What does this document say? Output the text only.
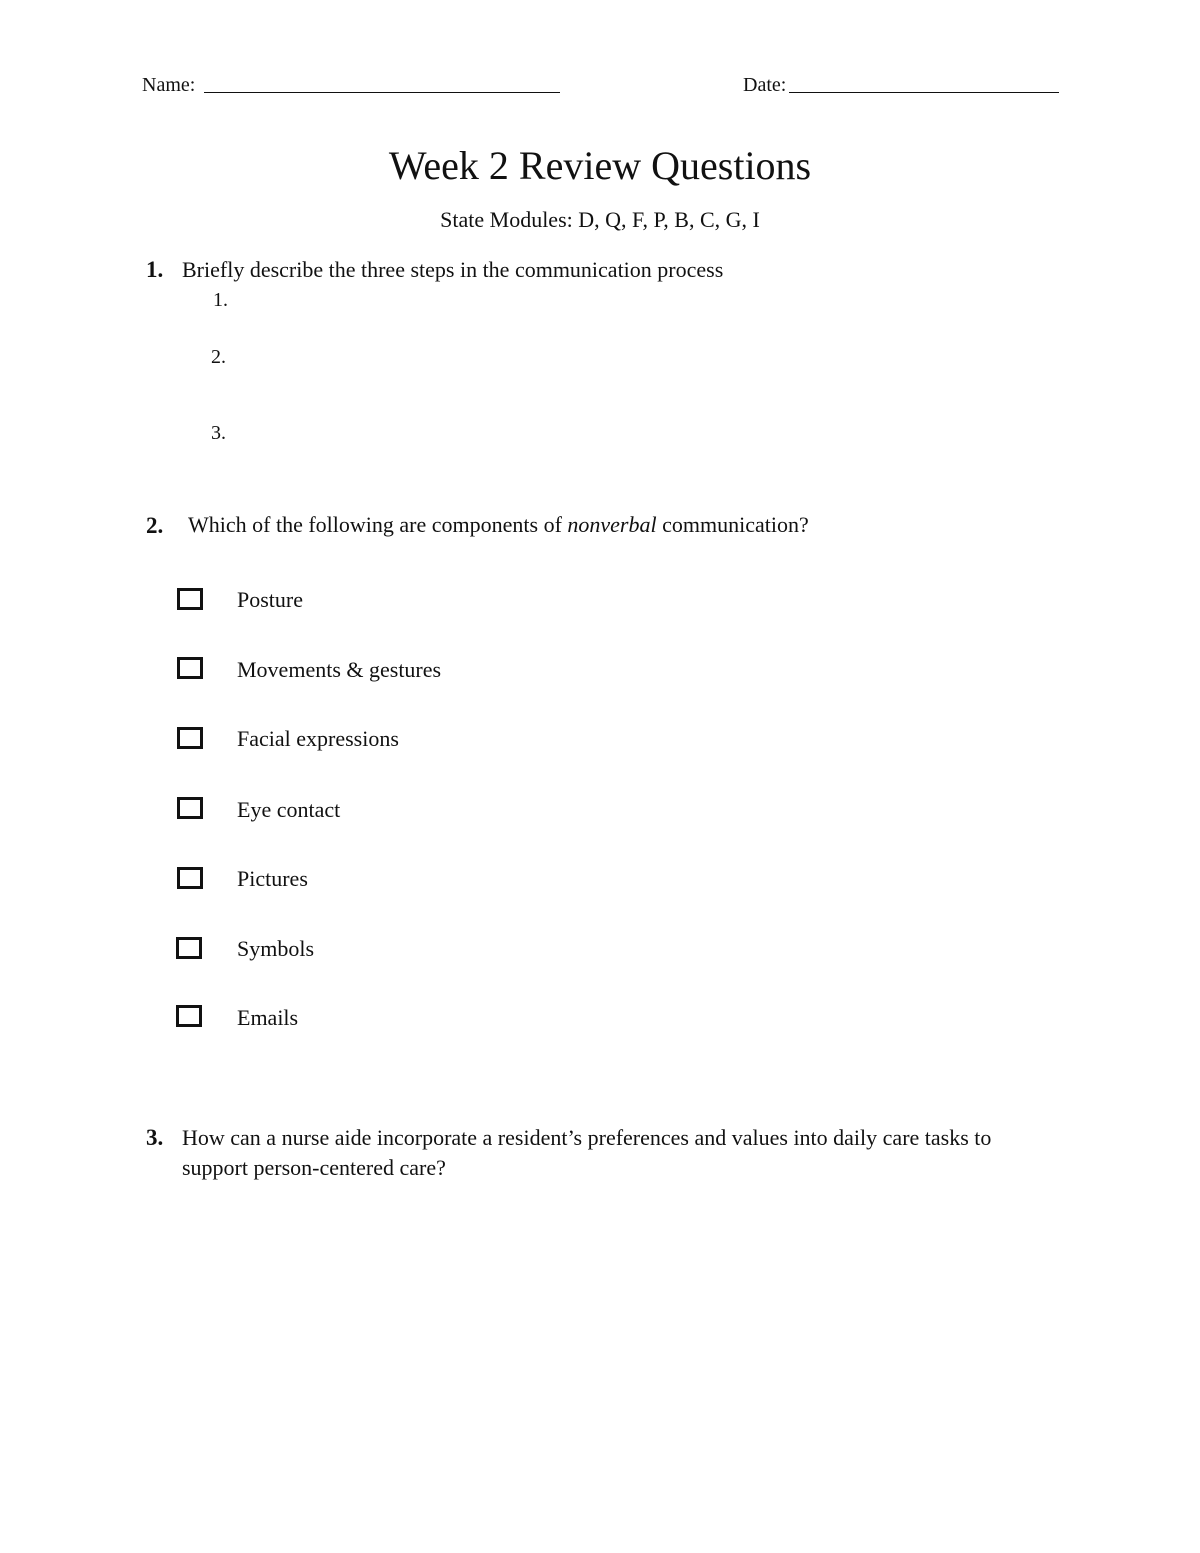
Name:	Date:
Week 2 Review Questions
State Modules: D, Q, F, P, B, C, G, I
1. Briefly describe the three steps in the communication process
1.
2.
3.
2. Which of the following are components of nonverbal communication?
Posture
Movements & gestures
Facial expressions
Eye contact
Pictures
Symbols
Emails
3. How can a nurse aide incorporate a resident’s preferences and values into daily care tasks to support person-centered care?
